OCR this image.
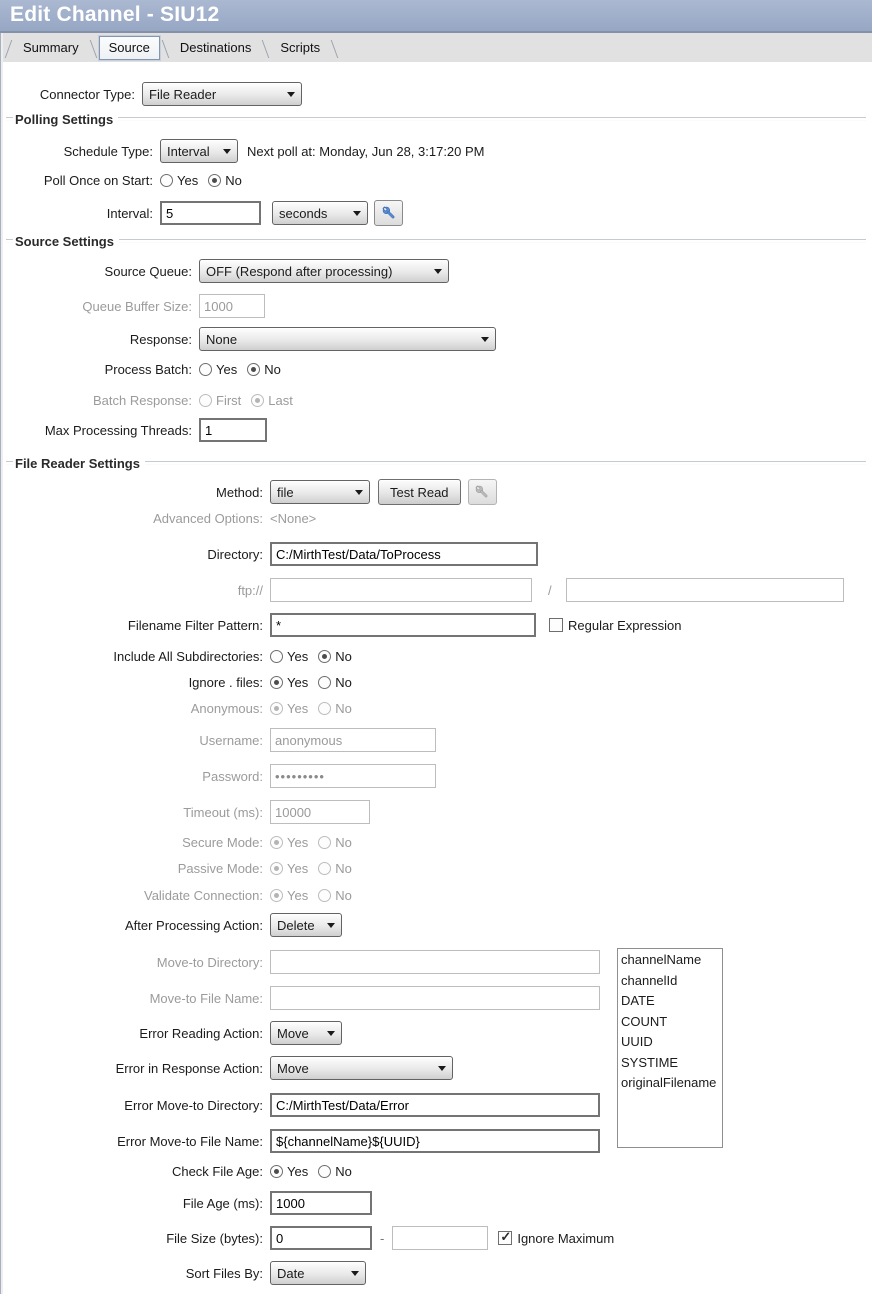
Edit Channel - SIU12
Summary	Source	Destinations	Scripts
Connector Type: File Reader
Polling Settings
Schedule Type: Interval	Next poll at: Monday, Jun 28, 3:17:20 PM
Poll Once on Start: Yes No
Interval:
5	seconds
Source Settings
Source Queue: OFF (Respond after processing)
Queue Buffer Size:
1000
Response: None
Process Batch: Yes No
Batch Response: First Last
Max Processing Threads:
1
File Reader Settings
Method: file	Test Read
Advanced Options: <None>
Directory:
C:/MirthTest/Data/ToProcess
ftp://	/
Filename Filter Pattern:
*	Regular Expression
Include All Subdirectories: Yes No
Ignore . files: Yes No
Anonymous: Yes No
Username:
anonymous
Password:
•••••••••
Timeout (ms):
10000
Secure Mode: Yes No
Passive Mode: Yes No
Validate Connection: Yes No
After Processing Action: Delete
Move-to Directory:
Move-to File Name:
Error Reading Action: Move
Error in Response Action: Move
Error Move-to Directory:
C:/MirthTest/Data/Error
Error Move-to File Name:
${channelName}${UUID}
channelName
channelId
DATE
COUNT
UUID
SYSTIME
originalFilename
Check File Age: Yes No
File Age (ms):
1000
File Size (bytes):
0	- ✓	Ignore Maximum
Sort Files By: Date
